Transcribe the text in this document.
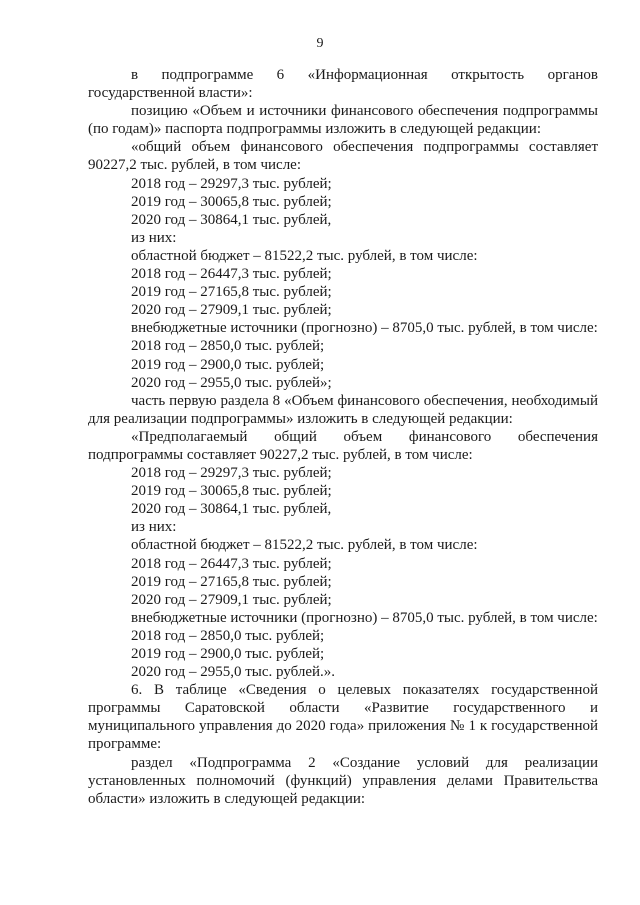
9

в подпрограмме 6 «Информационная открытость органов государственной власти»:

позицию «Объем и источники финансового обеспечения подпрограммы (по годам)» паспорта подпрограммы изложить в следующей редакции:

«общий объем финансового обеспечения подпрограммы составляет 90227,2 тыс. рублей, в том числе:

2018 год – 29297,3 тыс. рублей;

2019 год – 30065,8 тыс. рублей;

2020 год – 30864,1 тыс. рублей,

из них:

областной бюджет – 81522,2 тыс. рублей, в том числе:

2018 год – 26447,3 тыс. рублей;

2019 год – 27165,8 тыс. рублей;

2020 год – 27909,1 тыс. рублей;

внебюджетные источники (прогнозно) – 8705,0 тыс. рублей, в том числе:

2018 год – 2850,0 тыс. рублей;

2019 год – 2900,0 тыс. рублей;

2020 год – 2955,0 тыс. рублей»;

часть первую раздела 8 «Объем финансового обеспечения, необходимый для реализации подпрограммы» изложить в следующей редакции:

«Предполагаемый общий объем финансового обеспечения подпрограммы составляет 90227,2 тыс. рублей, в том числе:

2018 год – 29297,3 тыс. рублей;

2019 год – 30065,8 тыс. рублей;

2020 год – 30864,1 тыс. рублей,

из них:

областной бюджет – 81522,2 тыс. рублей, в том числе:

2018 год – 26447,3 тыс. рублей;

2019 год – 27165,8 тыс. рублей;

2020 год – 27909,1 тыс. рублей;

внебюджетные источники (прогнозно) – 8705,0 тыс. рублей, в том числе:

2018 год – 2850,0 тыс. рублей;

2019 год – 2900,0 тыс. рублей;

2020 год – 2955,0 тыс. рублей.».

6. В таблице «Сведения о целевых показателях государственной программы Саратовской области «Развитие государственного и муниципального управления до 2020 года» приложения № 1 к государственной программе:

раздел «Подпрограмма 2 «Создание условий для реализации установленных полномочий (функций) управления делами Правительства области» изложить в следующей редакции:
